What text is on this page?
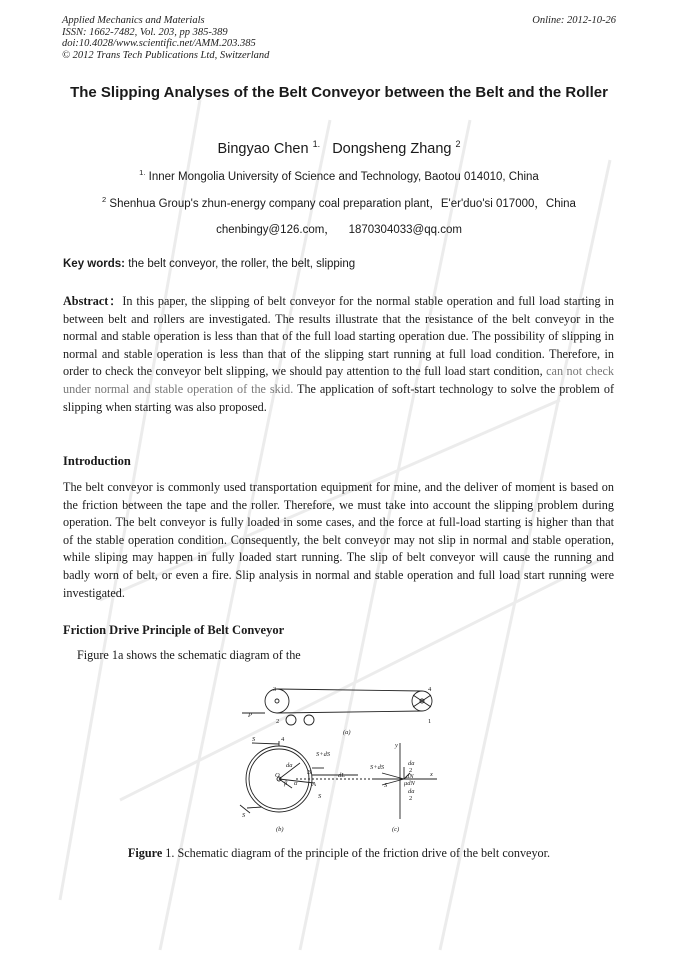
Applied Mechanics and Materials
ISSN: 1662-7482, Vol. 203, pp 385-389
doi:10.4028/www.scientific.net/AMM.203.385
© 2012 Trans Tech Publications Ltd, Switzerland
Online: 2012-10-26
The Slipping Analyses of the Belt Conveyor between the Belt and the Roller
Bingyao Chen $^{1.}$ Dongsheng Zhang $^2$
$^{1.}$ Inner Mongolia University of Science and Technology, Baotou 014010, China
$^2$ Shenhua Group's zhun-energy company coal preparation plant，E'er'duo'si 017000，China
chenbingy@126.com，    1870304033@qq.com
Key words: the belt conveyor, the roller, the belt, slipping
Abstract：In this paper, the slipping of belt conveyor for the normal stable operation and full load starting in between belt and rollers are investigated. The results illustrate that the resistance of the belt conveyor in the normal and stable operation is less than that of the full load starting operation due. The possibility of slipping in normal and stable operation is less than that of the slipping start running at full load condition. Therefore, in order to check the conveyor belt slipping, we should pay attention to the full load start condition, can not check under normal and stable operation of the skid. The application of soft-start technology to solve the problem of slipping when starting was also proposed.
Introduction
The belt conveyor is commonly used transportation equipment for mine, and the deliver of moment is based on the friction between the tape and the roller. Therefore, we must take into account the slipping problem during operation. The belt conveyor is fully loaded in some cases, and the force at full-load starting is higher than that of the stable operation condition. Consequently, the belt conveyor may not slip in normal and stable operation, while sliping may happen in fully loaded start running. The slip of belt conveyor will cause the running and badly worn of belt, or even a fire. Slip analysis in normal and stable operation and full load start running were investigated.
Friction Drive Principle of Belt Conveyor
Figure 1a shows the schematic diagram of the
3	4
2	1
P
(a)
S	4
S+dS
dL
B
A
da
O
β α
S
S
(b)
y
S+dS
da
2
dN
μdN
S
da
2
x
(c)
Figure 1. Schematic diagram of the principle of the friction drive of the belt conveyor.
